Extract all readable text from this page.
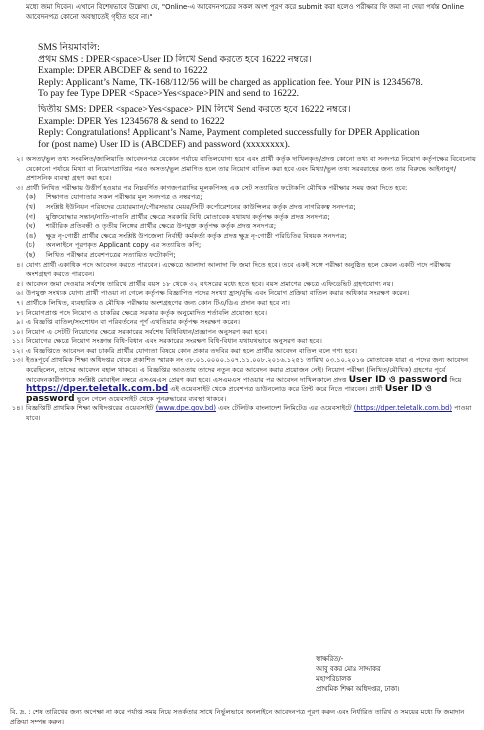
মধ্যে জমা দিবেন। এখানে বিশেষভাবে উল্লেখ্য যে, "Online-এ আবেদনপত্রের সকল অংশ পূরণ করে submit করা হলেও পরীক্ষার ফি জমা না দেয়া পর্যন্ত Online আবেদনপত্র কোনো অবস্থাতেই গৃহীত হবে না।"
SMS নিয়মাবলি:
প্রথম SMS : DPER<space>User ID লিখে Send করতে হবে 16222 নম্বরে।
Example: DPER ABCDEF & send to 16222
Reply: Applicant’s Name, TK-168/112/56 will be charged as application fee. Your PIN is 12345678.
To pay fee Type DPER <Space>Yes<space>PIN and send to 16222.
দ্বিতীয় SMS: DPER <space>Yes<space> PIN লিখে Send করতে হবে 16222 নম্বরে।
Example: DPER Yes 12345678 & send to 16222
Reply: Congratulations! Applicant’s Name, Payment completed successfully for DPER Application
for (post name) User ID is (ABCDEF) and password (xxxxxxxx).
২। অসত্য/ভুল তথ্য সংবলিত/জালিয়াতি আবেদনপত্র যেকোন পর্যায়ে বাতিলযোগ্য হবে এবং প্রার্থী কর্তৃক দাখিলকৃত/প্রদত্ত কোনো তথ্য বা সনদপত্র নিয়োগ কর্তৃপক্ষের বিবেচনায় যেকোনো পর্যায়ে মিথ্যা বা নিয়োগপ্রাপ্তির পরও অসত্য/ভুল প্রমাণিত হলে তার নিয়োগ বাতিল করা হবে এবং মিথ্যা/ভুল তথ্য সরবরাহের জন্য তার বিরুদ্ধে আইনানুগ/প্রশাসনিক ব্যবস্থা গ্রহণ করা হবে।
৩। প্রার্থী লিখিত পরীক্ষায় উত্তীর্ণ হওয়ার পর নিম্নবর্ণিত কাগজপত্রাদির মূলকপিসহ এক সেট সত্যায়িত ফটোকপি মৌখিক পরীক্ষার সময় জমা দিতে হবে:
(ক)	শিক্ষাগত যোগ্যতার সকল পরীক্ষার মূল সনদপত্র ও নম্বরপত্র;
(খ)	সংশ্লিষ্ট ইউনিয়ন পরিষদের চেয়ারম্যান/পৌরসভার মেয়র/সিটি কর্পোরেশনের কাউন্সিলর কর্তৃক প্রদত্ত নাগরিকত্ব সনদপত্র;
(গ)	মুক্তিযোদ্ধার সন্তান/নাতি-নাতনি প্রার্থীর ক্ষেত্রে সরকারি বিধি মোতাবেক যথাযথ কর্তৃপক্ষ কর্তৃক প্রদত্ত সনদপত্র;
(ঘ)	শারীরিক প্রতিবন্ধী ও তৃতীয় লিঙ্গের প্রার্থীর ক্ষেত্রে উপযুক্ত কর্তৃপক্ষ কর্তৃক প্রদত্ত সনদপত্র;
(ঙ)	ক্ষুদ্র নৃ-গোষ্ঠী প্রার্থীর ক্ষেত্রে সংশ্লিষ্ট উপজেলা নির্বাহী কর্মকর্তা কর্তৃক প্রদত্ত ক্ষুদ্র নৃ-গোষ্ঠী পরিচিতির বিষয়ক সনদপত্র;
(চ)	অনলাইনে পূরণকৃত Applicant copy এর সত্যায়িত কপি;
(ছ)	লিখিত পরীক্ষার প্রবেশপত্রের সত্যায়িত ফটোকপি;
৪। যোগ্য প্রার্থী একাধিক পদে আবেদন করতে পারবেন। এক্ষেত্রে আলাদা আলাদা ফি জমা দিতে হবে। তবে একই সঙ্গে পরীক্ষা অনুষ্ঠিত হলে কেবল একটি পদে পরীক্ষায় অংশগ্রহণ করতে পারবেন।
৫। আবেদন জমা দেওয়ার সর্বশেষ তারিখে প্রার্থীর বয়স ১৮ থেকে ৩২ বৎসরের মধ্যে হতে হবে। বয়স প্রমাণের ক্ষেত্রে এফিডেভিট গ্রহণযোগ্য নয়।
৬। উপযুক্ত সংখ্যক যোগ্য প্রার্থী পাওয়া না গেলে কর্তৃপক্ষ বিজ্ঞাপিত পদের সংখ্যা হ্রাস/বৃদ্ধি এবং নিয়োগ প্রক্রিয়া বাতিল করার অধিকার সংরক্ষণ করেন।
৭। প্রার্থীকে লিখিত, ব্যবহারিক ও মৌখিক পরীক্ষায় অংশগ্রহণের জন্য কোন টিএ/ডিএ প্রদান করা হবে না।
৮। নিয়োগপ্রাপ্ত পদে নিয়োগ ও চাকরির ক্ষেত্রে সরকার কর্তৃক অনুমোদিত শর্তাবলি প্রযোজ্য হবে।
৯। এ বিজ্ঞপ্তি বাতিল/সংশোধন বা পরিবর্তনের পূর্ণ এখতিয়ার কর্তৃপক্ষ সংরক্ষণ করেন।
১০। নিয়োগ এ সেটটি নিয়োগের ক্ষেত্রে সরকারের সর্বশেষ বিধিবিধান/প্রজ্ঞাপন অনুসরণ করা হবে।
১১। নিয়োগের ক্ষেত্রে নিয়োগ সংক্রান্ত বিধি-বিধান এবং সরকারের সংরক্ষণ বিধি-বিধান যথাযথভাবে অনুসরণ করা হবে।
১২। এ বিজ্ঞপ্তিতে আবেদন করা চাকরি প্রার্থীর যোগ্যতা বিষয়ে কোন প্রকার তদবির করা হলে প্রার্থীর আবেদন বাতিল বলে গণ্য হবে।
১৩। ইতঃপূর্বে প্রাথমিক শিক্ষা অধিদপ্তর থেকে প্রকাশিত স্মারক নং ৩৮.০১.০০০০.১০৭.১১.০০৮.২০১৬.১২৫১ তারিখ ০৩.১০.২০১৬ মোতাবেক যারা এ পদের জন্য আবেদন করেছিলেন, তাদের আবেদন বহাল থাকবে। এ বিজ্ঞপ্তির আওতায় তাদের নতুন করে আবেদন করার প্রয়োজন নেই। নিয়োগ পরীক্ষা (লিখিত/মৌখিক) গ্রহণের পূর্বে আবেদনকারীগণকে সংশ্লিষ্ট মোবাইল নম্বরে এসএমএস প্রেরণ করা হবে। এসএমএস পাওয়ার পর আবেদন দাখিলকালে প্রদত্ত User ID ও password দিয়ে https://dper.teletalk.com.bd এই ওয়েবসাইট থেকে প্রবেশপত্র ডাউনলোড করে প্রিন্ট করে নিতে পারবেন। প্রার্থী User ID ও password ভুলে গেলে ওয়েবসাইট থেকে পুনরুদ্ধারের ব্যবস্থা থাকবে।
১৪। বিজ্ঞপ্তিটি প্রাথমিক শিক্ষা অধিদপ্তরের ওয়েবসাইট (www.dpe.gov.bd) এবং টেলিটক বাংলাদেশ লিমিটেড এর ওয়েবসাইটে (https://dper.teletalk.com.bd) পাওয়া যাবে।
স্বাক্ষরিত/-
আবু বকর মোঃ সাদ্দাকর
মহাপরিচালক
প্রাথমিক শিক্ষা অধিদপ্তর, ঢাকা।
বি. দ্র. : শেষ তারিখের জন্য অপেক্ষা না করে পর্যাপ্ত সময় নিয়ে সতর্কতার সাথে নির্ভুলভাবে অনলাইনে আবেদনপত্র পূরণ করুন এবং নির্ধারিত তারিখ ও সময়ের মধ্যে ফি জমাদান প্রক্রিয়া সম্পন্ন করুন।
